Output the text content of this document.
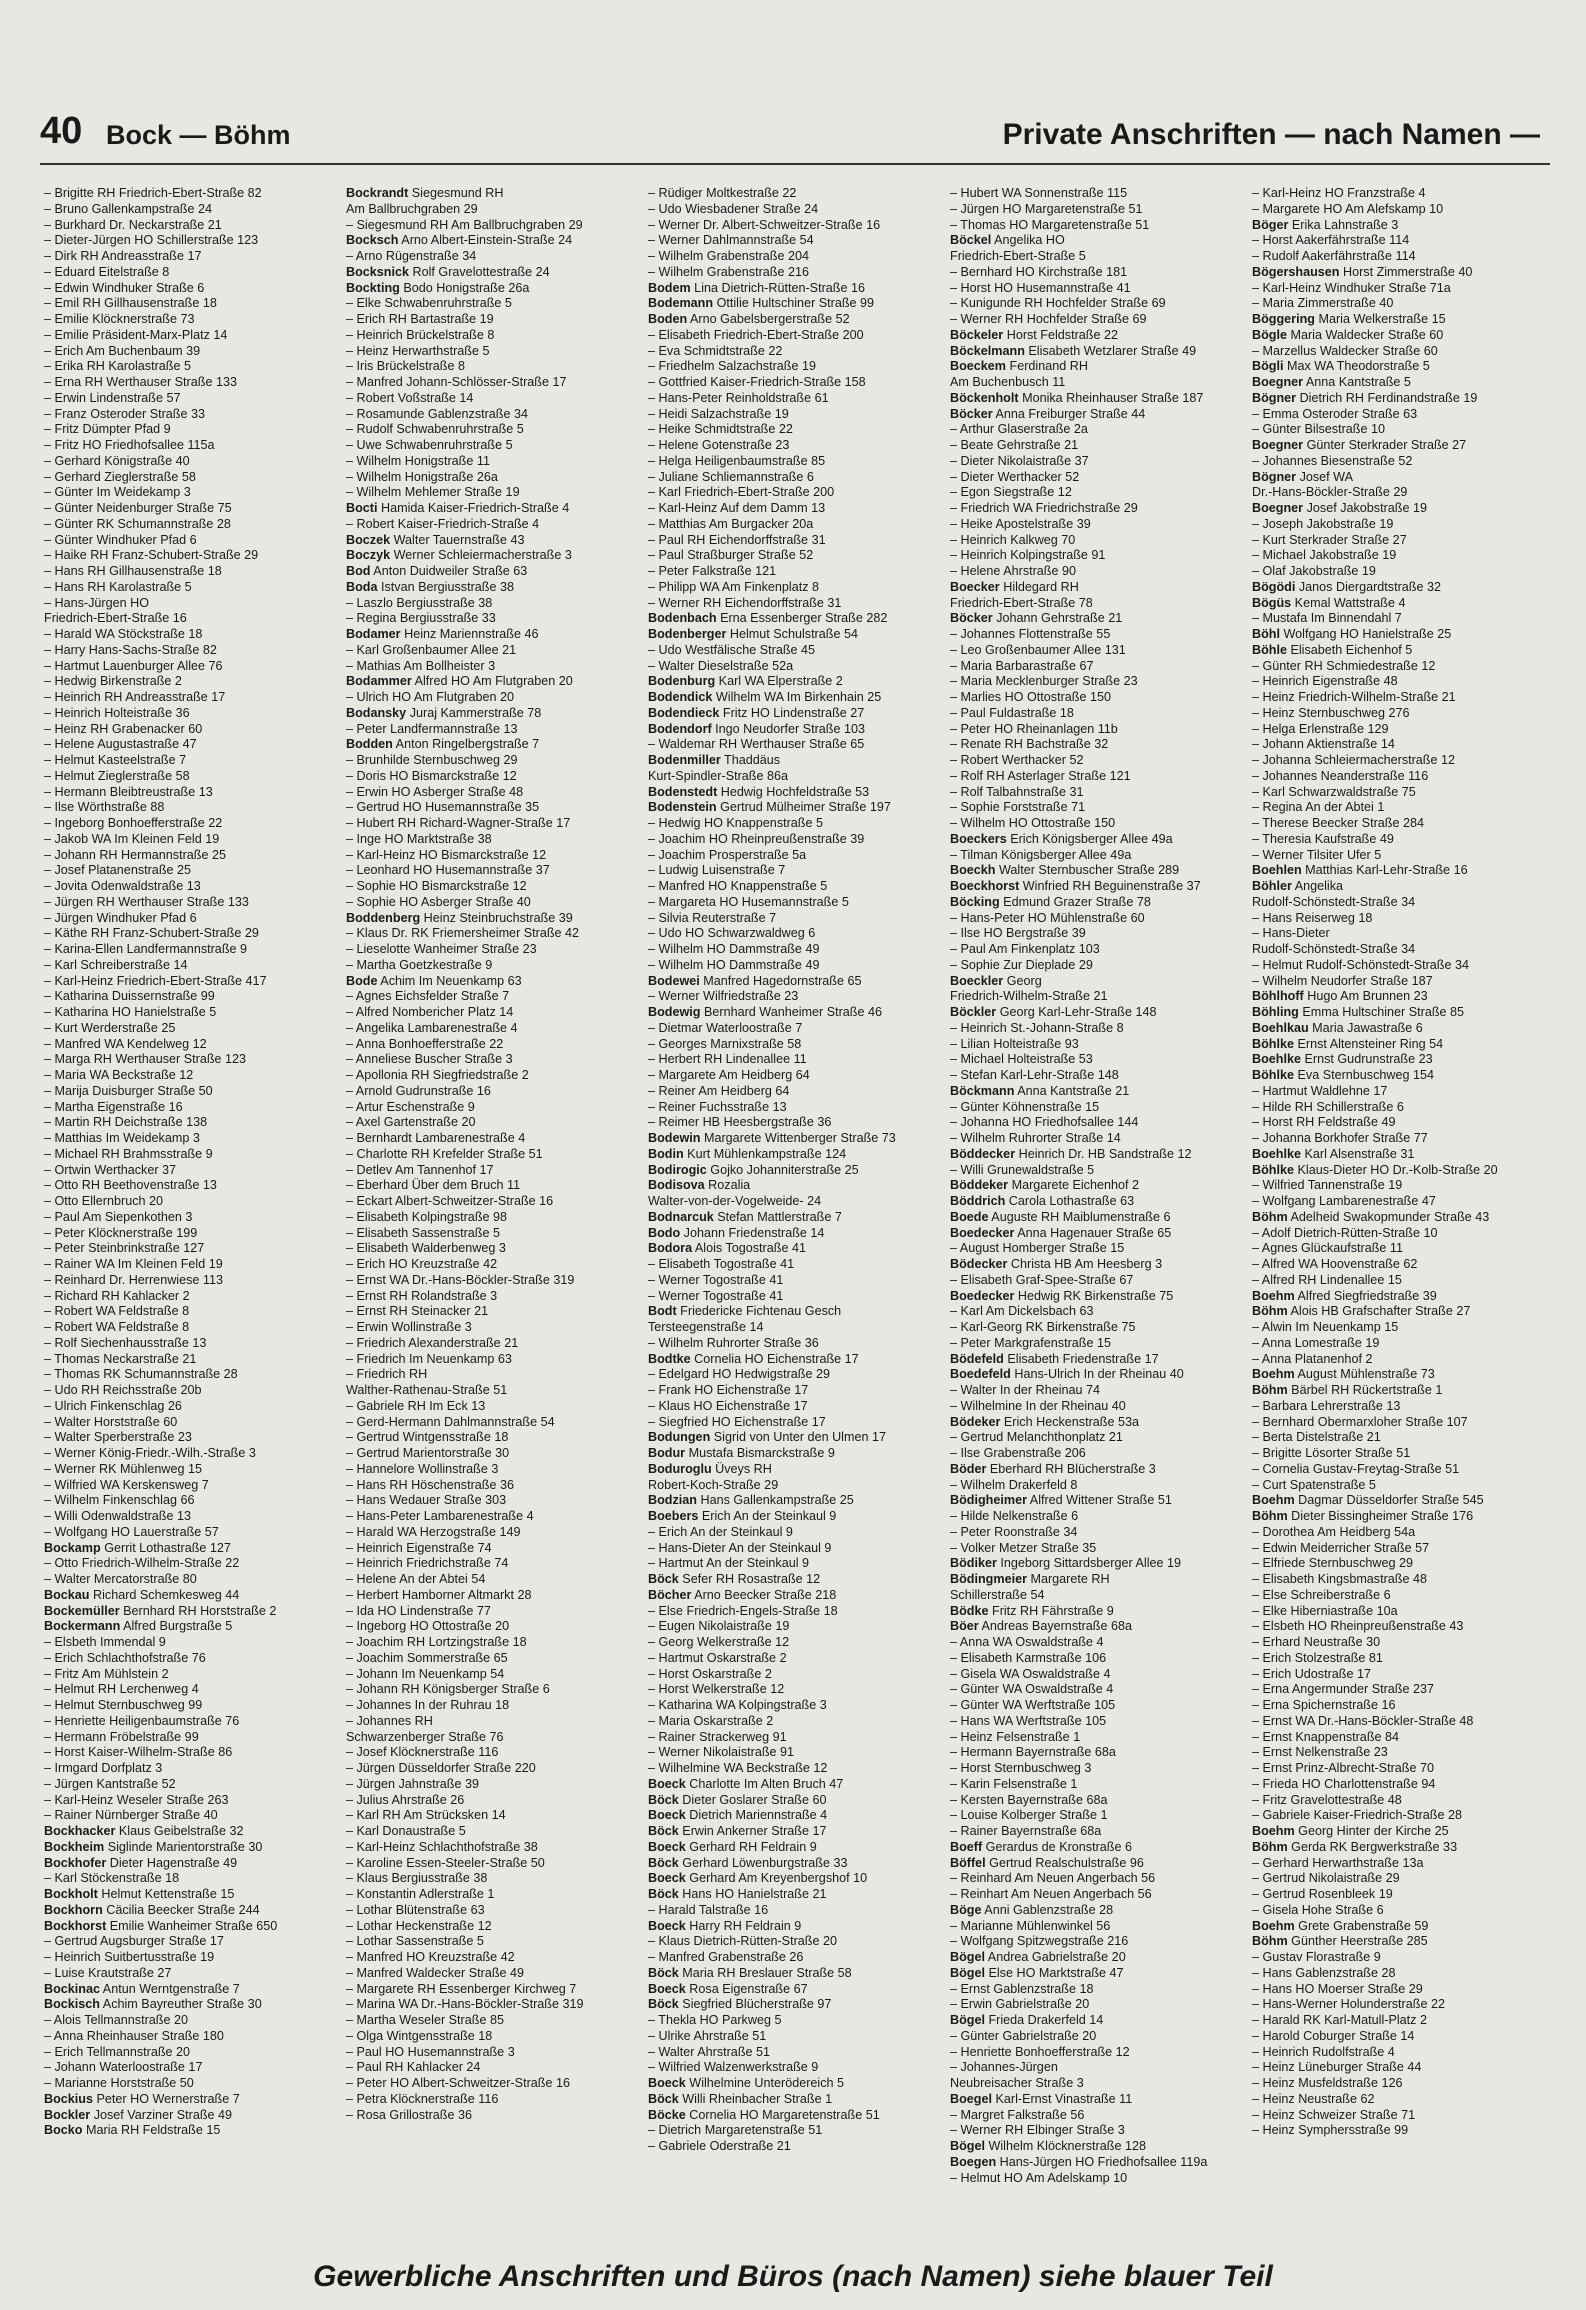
40 Bock — Böhm	Private Anschriften — nach Namen —
– Brigitte RH Friedrich-Ebert-Straße 82
– Bruno Gallenkampstraße 24
– Burkhard Dr. Neckarstraße 21
– Dieter-Jürgen HO Schillerstraße 123
– Dirk RH Andreasstraße 17
– Eduard Eitelstraße 8
– Edwin Windhuker Straße 6
– Emil RH Gillhausenstraße 18
– Emilie Klöcknerstraße 73
– Emilie Präsident-Marx-Platz 14
– Erich Am Buchenbaum 39
– Erika RH Karolastraße 5
– Erna RH Werthauser Straße 133
– Erwin Lindenstraße 57
– Franz Osteroder Straße 33
– Fritz Dümpter Pfad 9
– Fritz HO Friedhofsallee 115a
– Gerhard Königstraße 40
– Gerhard Zieglerstraße 58
– Günter Im Weidekamp 3
– Günter Neidenburger Straße 75
– Günter RK Schumannstraße 28
– Günter Windhuker Pfad 6
– Haike RH Franz-Schubert-Straße 29
– Hans RH Gillhausenstraße 18
– Hans RH Karolastraße 5
– Hans-Jürgen HO
Friedrich-Ebert-Straße 16
– Harald WA Stöckstraße 18
– Harry Hans-Sachs-Straße 82
– Hartmut Lauenburger Allee 76
– Hedwig Birkenstraße 2
– Heinrich RH Andreasstraße 17
– Heinrich Holteistraße 36
– Heinz RH Grabenacker 60
– Helene Augustastraße 47
– Helmut Kasteelstraße 7
– Helmut Zieglerstraße 58
– Hermann Bleibtreustraße 13
– Ilse Wörthstraße 88
– Ingeborg Bonhoefferstraße 22
– Jakob WA Im Kleinen Feld 19
– Johann RH Hermannstraße 25
– Josef Platanenstraße 25
– Jovita Odenwaldstraße 13
– Jürgen RH Werthauser Straße 133
– Jürgen Windhuker Pfad 6
– Käthe RH Franz-Schubert-Straße 29
– Karina-Ellen Landfermannstraße 9
– Karl Schreiberstraße 14
– Karl-Heinz Friedrich-Ebert-Straße 417
– Katharina Duissernstraße 99
– Katharina HO Hanielstraße 5
– Kurt Werderstraße 25
– Manfred WA Kendelweg 12
– Marga RH Werthauser Straße 123
– Maria WA Beckstraße 12
– Marija Duisburger Straße 50
– Martha Eigenstraße 16
– Martin RH Deichstraße 138
– Matthias Im Weidekamp 3
– Michael RH Brahmsstraße 9
– Ortwin Werthacker 37
– Otto RH Beethovenstraße 13
– Otto Ellernbruch 20
– Paul Am Siepenkothen 3
– Peter Klöcknerstraße 199
– Peter Steinbrinkstraße 127
– Rainer WA Im Kleinen Feld 19
– Reinhard Dr. Herrenwiese 113
– Richard RH Kahlacker 2
– Robert WA Feldstraße 8
– Robert WA Feldstraße 8
– Rolf Siechenhausstraße 13
– Thomas Neckarstraße 21
– Thomas RK Schumannstraße 28
– Udo RH Reichsstraße 20b
– Ulrich Finkenschlag 26
– Walter Horststraße 60
– Walter Sperberstraße 23
– Werner König-Friedr.-Wilh.-Straße 3
– Werner RK Mühlenweg 15
– Wilfried WA Kerskensweg 7
– Wilhelm Finkenschlag 66
– Willi Odenwaldstraße 13
– Wolfgang HO Lauerstraße 57
Bockamp Gerrit Lothastraße 127
– Otto Friedrich-Wilhelm-Straße 22
– Walter Mercatorstraße 80
Bockau Richard Schemkesweg 44
Bockemüller Bernhard RH Horststraße 2
Bockermann Alfred Burgstraße 5
– Elsbeth Immendal 9
– Erich Schlachthofstraße 76
– Fritz Am Mühlstein 2
– Helmut RH Lerchenweg 4
– Helmut Sternbuschweg 99
– Henriette Heiligenbaumstraße 76
– Hermann Fröbelstraße 99
– Horst Kaiser-Wilhelm-Straße 86
– Irmgard Dorfplatz 3
– Jürgen Kantstraße 52
– Karl-Heinz Weseler Straße 263
– Rainer Nürnberger Straße 40
Bockhacker Klaus Geibelstraße 32
Bockheim Siglinde Marientorstraße 30
Bockhofer Dieter Hagenstraße 49
– Karl Stöckenstraße 18
Bockholt Helmut Kettenstraße 15
Bockhorn Cäcilia Beecker Straße 244
Bockhorst Emilie Wanheimer Straße 650
– Gertrud Augsburger Straße 17
– Heinrich Suitbertusstraße 19
– Luise Krautstraße 27
Bockinac Antun Werntgenstraße 7
Bockisch Achim Bayreuther Straße 30
– Alois Tellmannstraße 20
– Anna Rheinhauser Straße 180
– Erich Tellmannstraße 20
– Johann Waterloostraße 17
– Marianne Horststraße 50
Bockius Peter HO Wernerstraße 7
Bockler Josef Varziner Straße 49
Bocko Maria RH Feldstraße 15
Bockrandt Siegesmund RH
Am Ballbruchgraben 29
– Siegesmund RH Am Ballbruchgraben 29
Bocksch Arno Albert-Einstein-Straße 24
– Arno Rügenstraße 34
Bocksnick Rolf Gravelottestraße 24
Bockting Bodo Honigstraße 26a
– Elke Schwabenruhrstraße 5
– Erich RH Bartastraße 19
– Heinrich Brückelstraße 8
– Heinz Herwarthstraße 5
– Iris Brückelstraße 8
– Manfred Johann-Schlösser-Straße 17
– Robert Voßstraße 14
– Rosamunde Gablenzstraße 34
– Rudolf Schwabenruhrstraße 5
– Uwe Schwabenruhrstraße 5
– Wilhelm Honigstraße 11
– Wilhelm Honigstraße 26a
– Wilhelm Mehlemer Straße 19
Bocti Hamida Kaiser-Friedrich-Straße 4
– Robert Kaiser-Friedrich-Straße 4
Boczek Walter Tauernstraße 43
Boczyk Werner Schleiermacherstraße 3
Bod Anton Duidweiler Straße 63
Boda Istvan Bergiusstraße 38
– Laszlo Bergiusstraße 38
– Regina Bergiusstraße 33
Bodamer Heinz Mariennstraße 46
– Karl Großenbaumer Allee 21
– Mathias Am Bollheister 3
Bodammer Alfred HO Am Flutgraben 20
– Ulrich HO Am Flutgraben 20
Bodansky Juraj Kammerstraße 78
– Peter Landfermannstraße 13
Bodden Anton Ringelbergstraße 7
– Brunhilde Sternbuschweg 29
– Doris HO Bismarckstraße 12
– Erwin HO Asberger Straße 48
– Gertrud HO Husemannstraße 35
– Hubert RH Richard-Wagner-Straße 17
– Inge HO Marktstraße 38
– Karl-Heinz HO Bismarckstraße 12
– Leonhard HO Husemannstraße 37
– Sophie HO Bismarckstraße 12
– Sophie HO Asberger Straße 40
Boddenberg Heinz Steinbruchstraße 39
– Klaus Dr. RK Friemersheimer Straße 42
– Lieselotte Wanheimer Straße 23
– Martha Goetzkestraße 9
Bode Achim Im Neuenkamp 63
– Agnes Eichsfelder Straße 7
– Alfred Nombericher Platz 14
– Angelika Lambarenestraße 4
– Anna Bonhoefferstraße 22
– Anneliese Buscher Straße 3
– Apollonia RH Siegfriedstraße 2
– Arnold Gudrunstraße 16
– Artur Eschenstraße 9
– Axel Gartenstraße 20
– Bernhardt Lambarenestraße 4
– Charlotte RH Krefelder Straße 51
– Detlev Am Tannenhof 17
– Eberhard Über dem Bruch 11
– Eckart Albert-Schweitzer-Straße 16
– Elisabeth Kolpingstraße 98
– Elisabeth Sassenstraße 5
– Elisabeth Walderbenweg 3
– Erich HO Kreuzstraße 42
– Ernst WA Dr.-Hans-Böckler-Straße 319
– Ernst RH Rolandstraße 3
– Ernst RH Steinacker 21
– Erwin Wollinstraße 3
– Friedrich Alexanderstraße 21
– Friedrich Im Neuenkamp 63
– Friedrich RH
Walther-Rathenau-Straße 51
– Gabriele RH Im Eck 13
– Gerd-Hermann Dahlmannstraße 54
– Gertrud Wintgensstraße 18
– Gertrud Marientorstraße 30
– Hannelore Wollinstraße 3
– Hans RH Höschenstraße 36
– Hans Wedauer Straße 303
– Hans-Peter Lambarenestraße 4
– Harald WA Herzogstraße 149
– Heinrich Eigenstraße 74
– Heinrich Friedrichstraße 74
– Helene An der Abtei 54
– Herbert Hamborner Altmarkt 28
– Ida HO Lindenstraße 77
– Ingeborg HO Ottostraße 20
– Joachim RH Lortzingstraße 18
– Joachim Sommerstraße 65
– Johann Im Neuenkamp 54
– Johann RH Königsberger Straße 6
– Johannes In der Ruhrau 18
– Johannes RH
Schwarzenberger Straße 76
– Josef Klöcknerstraße 116
– Jürgen Düsseldorfer Straße 220
– Jürgen Jahnstraße 39
– Julius Ahrstraße 26
– Karl RH Am Strücksken 14
– Karl Donaustraße 5
– Karl-Heinz Schlachthofstraße 38
– Karoline Essen-Steeler-Straße 50
– Klaus Bergiusstraße 38
– Konstantin Adlerstraße 1
– Lothar Blütenstraße 63
– Lothar Heckenstraße 12
– Lothar Sassenstraße 5
– Manfred HO Kreuzstraße 42
– Manfred Waldecker Straße 49
– Margarete RH Essenberger Kirchweg 7
– Marina WA Dr.-Hans-Böckler-Straße 319
– Martha Weseler Straße 85
– Olga Wintgensstraße 18
– Paul HO Husemannstraße 3
– Paul RH Kahlacker 24
– Peter HO Albert-Schweitzer-Straße 16
– Petra Klöcknerstraße 116
– Rosa Grillostraße 36
– Rüdiger Moltkestraße 22
– Udo Wiesbadener Straße 24
– Werner Dr. Albert-Schweitzer-Straße 16
– Werner Dahlmannstraße 54
– Wilhelm Grabenstraße 204
– Wilhelm Grabenstraße 216
Bodem Lina Dietrich-Rütten-Straße 16
Bodemann Ottilie Hultschiner Straße 99
Boden Arno Gabelsbergerstraße 52
– Elisabeth Friedrich-Ebert-Straße 200
– Eva Schmidtstraße 22
– Friedhelm Salzachstraße 19
– Gottfried Kaiser-Friedrich-Straße 158
– Hans-Peter Reinholdstraße 61
– Heidi Salzachstraße 19
– Heike Schmidtstraße 22
– Helene Gotenstraße 23
– Helga Heiligenbaumstraße 85
– Juliane Schliemannstraße 6
– Karl Friedrich-Ebert-Straße 200
– Karl-Heinz Auf dem Damm 13
– Matthias Am Burgacker 20a
– Paul RH Eichendorffstraße 31
– Paul Straßburger Straße 52
– Peter Falkstraße 121
– Philipp WA Am Finkenplatz 8
– Werner RH Eichendorffstraße 31
Bodenbach Erna Essenberger Straße 282
Bodenberger Helmut Schulstraße 54
– Udo Westfälische Straße 45
– Walter Dieselstraße 52a
Bodenburg Karl WA Elperstraße 2
Bodendick Wilhelm WA Im Birkenhain 25
Bodendieck Fritz HO Lindenstraße 27
Bodendorf Ingo Neudorfer Straße 103
– Waldemar RH Werthauser Straße 65
Bodenmiller Thaddäus
Kurt-Spindler-Straße 86a
Bodenstedt Hedwig Hochfeldstraße 53
Bodenstein Gertrud Mülheimer Straße 197
– Hedwig HO Knappenstraße 5
– Joachim HO Rheinpreußenstraße 39
– Joachim Prosperstraße 5a
– Ludwig Luisenstraße 7
– Manfred HO Knappenstraße 5
– Margareta HO Husemannstraße 5
– Silvia Reuterstraße 7
– Udo HO Schwarzwaldweg 6
– Wilhelm HO Dammstraße 49
– Wilhelm HO Dammstraße 49
Bodewei Manfred Hagedornstraße 65
– Werner Wilfriedstraße 23
Bodewig Bernhard Wanheimer Straße 46
– Dietmar Waterloostraße 7
– Georges Marnixstraße 58
– Herbert RH Lindenallee 11
– Margarete Am Heidberg 64
– Reiner Am Heidberg 64
– Reiner Fuchsstraße 13
– Reimer HB Heesbergstraße 36
Bodewin Margarete Wittenberger Straße 73
Bodin Kurt Mühlenkampstraße 124
Bodirogic Gojko Johanniterstraße 25
Bodisova Rozalia
Walter-von-der-Vogelweide- 24
Bodnarcuk Stefan Mattlerstraße 7
Bodo Johann Friedenstraße 14
Bodora Alois Togostraße 41
– Elisabeth Togostraße 41
– Werner Togostraße 41
– Werner Togostraße 41
Bodt Friedericke Fichtenau Gesch
Tersteegenstraße 14
– Wilhelm Ruhrorter Straße 36
Bodtke Cornelia HO Eichenstraße 17
– Edelgard HO Hedwigstraße 29
– Frank HO Eichenstraße 17
– Klaus HO Eichenstraße 17
– Siegfried HO Eichenstraße 17
Bodungen Sigrid von Unter den Ulmen 17
Bodur Mustafa Bismarckstraße 9
Boduroglu Üveys RH
Robert-Koch-Straße 29
Bodzian Hans Gallenkampstraße 25
Boebers Erich An der Steinkaul 9
– Erich An der Steinkaul 9
– Hans-Dieter An der Steinkaul 9
– Hartmut An der Steinkaul 9
Böck Sefer RH Rosastraße 12
Böcher Arno Beecker Straße 218
– Else Friedrich-Engels-Straße 18
– Eugen Nikolaistraße 19
– Georg Welkerstraße 12
– Hartmut Oskarstraße 2
– Horst Oskarstraße 2
– Horst Welkerstraße 12
– Katharina WA Kolpingstraße 3
– Maria Oskarstraße 2
– Rainer Strackerweg 91
– Werner Nikolaistraße 91
– Wilhelmine WA Beckstraße 12
Boeck Charlotte Im Alten Bruch 47
Böck Dieter Goslarer Straße 60
Boeck Dietrich Mariennstraße 4
Böck Erwin Ankerner Straße 17
Boeck Gerhard RH Feldrain 9
Böck Gerhard Löwenburgstraße 33
Boeck Gerhard Am Kreyenbergshof 10
Böck Hans HO Hanielstraße 21
– Harald Talstraße 16
Boeck Harry RH Feldrain 9
– Klaus Dietrich-Rütten-Straße 20
– Manfred Grabenstraße 26
Böck Maria RH Breslauer Straße 58
Boeck Rosa Eigenstraße 67
Böck Siegfried Blücherstraße 97
– Thekla HO Parkweg 5
– Ulrike Ahrstraße 51
– Walter Ahrstraße 51
– Wilfried Walzenwerkstraße 9
Boeck Wilhelmine Unterödereich 5
Böck Willi Rheinbacher Straße 1
Böcke Cornelia HO Margaretenstraße 51
– Dietrich Margaretenstraße 51
– Gabriele Oderstraße 21
– Hubert WA Sonnenstraße 115
– Jürgen HO Margaretenstraße 51
– Thomas HO Margaretenstraße 51
Böckel Angelika HO
Friedrich-Ebert-Straße 5
– Bernhard HO Kirchstraße 181
– Horst HO Husemannstraße 41
– Kunigunde RH Hochfelder Straße 69
– Werner RH Hochfelder Straße 69
Böckeler Horst Feldstraße 22
Böckelmann Elisabeth Wetzlarer Straße 49
Boeckem Ferdinand RH
Am Buchenbusch 11
Böckenholt Monika Rheinhauser Straße 187
Böcker Anna Freiburger Straße 44
– Arthur Glaserstraße 2a
– Beate Gehrstraße 21
– Dieter Nikolaistraße 37
– Dieter Werthacker 52
– Egon Siegstraße 12
– Friedrich WA Friedrichstraße 29
– Heike Apostelstraße 39
– Heinrich Kalkweg 70
– Heinrich Kolpingstraße 91
– Helene Ahrstraße 90
Boecker Hildegard RH
Friedrich-Ebert-Straße 78
Böcker Johann Gehrstraße 21
– Johannes Flottenstraße 55
– Leo Großenbaumer Allee 131
– Maria Barbarastraße 67
– Maria Mecklenburger Straße 23
– Marlies HO Ottostraße 150
– Paul Fuldastraße 18
– Peter HO Rheinanlagen 11b
– Renate RH Bachstraße 32
– Robert Werthacker 52
– Rolf RH Asterlager Straße 121
– Rolf Talbahnstraße 31
– Sophie Forststraße 71
– Wilhelm HO Ottostraße 150
Boeckers Erich Königsberger Allee 49a
– Tilman Königsberger Allee 49a
Boeckh Walter Sternbuscher Straße 289
Boeckhorst Winfried RH Beguinenstraße 37
Böcking Edmund Grazer Straße 78
– Hans-Peter HO Mühlenstraße 60
– Ilse HO Bergstraße 39
– Paul Am Finkenplatz 103
– Sophie Zur Dieplade 29
Boeckler Georg
Friedrich-Wilhelm-Straße 21
Böckler Georg Karl-Lehr-Straße 148
– Heinrich St.-Johann-Straße 8
– Lilian Holteistraße 93
– Michael Holteistraße 53
– Stefan Karl-Lehr-Straße 148
Böckmann Anna Kantstraße 21
– Günter Köhnenstraße 15
– Johanna HO Friedhofsallee 144
– Wilhelm Ruhrorter Straße 14
Böddecker Heinrich Dr. HB Sandstraße 12
– Willi Grunewaldstraße 5
Böddeker Margarete Eichenhof 2
Böddrich Carola Lothastraße 63
Boede Auguste RH Maiblumenstraße 6
Boedecker Anna Hagenauer Straße 65
– August Homberger Straße 15
Bödecker Christa HB Am Heesberg 3
– Elisabeth Graf-Spee-Straße 67
Boedecker Hedwig RK Birkenstraße 75
– Karl Am Dickelsbach 63
– Karl-Georg RK Birkenstraße 75
– Peter Markgrafenstraße 15
Bödefeld Elisabeth Friedenstraße 17
Boedefeld Hans-Ulrich In der Rheinau 40
– Walter In der Rheinau 74
– Wilhelmine In der Rheinau 40
Bödeker Erich Heckenstraße 53a
– Gertrud Melanchthonplatz 21
– Ilse Grabenstraße 206
Böder Eberhard RH Blücherstraße 3
– Wilhelm Drakerfeld 8
Bödigheimer Alfred Wittener Straße 51
– Hilde Nelkenstraße 6
– Peter Roonstraße 34
– Volker Metzer Straße 35
Bödiker Ingeborg Sittardsberger Allee 19
Bödingmeier Margarete RH
Schillerstraße 54
Bödke Fritz RH Fährstraße 9
Böer Andreas Bayernstraße 68a
– Anna WA Oswaldstraße 4
– Elisabeth Karmstraße 106
– Gisela WA Oswaldstraße 4
– Günter WA Oswaldstraße 4
– Günter WA Werftstraße 105
– Hans WA Werftstraße 105
– Heinz Felsenstraße 1
– Hermann Bayernstraße 68a
– Horst Sternbuschweg 3
– Karin Felsenstraße 1
– Kersten Bayernstraße 68a
– Louise Kolberger Straße 1
– Rainer Bayernstraße 68a
Boeff Gerardus de Kronstraße 6
Böffel Gertrud Realschulstraße 96
– Reinhard Am Neuen Angerbach 56
– Reinhart Am Neuen Angerbach 56
Böge Anni Gablenzstraße 28
– Marianne Mühlenwinkel 56
– Wolfgang Spitzwegstraße 216
Bögel Andrea Gabrielstraße 20
Bögel Else HO Marktstraße 47
– Ernst Gablenzstraße 18
– Erwin Gabrielstraße 20
Bögel Frieda Drakerfeld 14
– Günter Gabrielstraße 20
– Henriette Bonhoefferstraße 12
– Johannes-Jürgen
Neubreisacher Straße 3
Boegel Karl-Ernst Vinastraße 11
– Margret Falkstraße 56
– Werner RH Elbinger Straße 3
Bögel Wilhelm Klöcknerstraße 128
Boegen Hans-Jürgen HO Friedhofsallee 119a
– Helmut HO Am Adelskamp 10
– Karl-Heinz HO Franzstraße 4
– Margarete HO Am Alefskamp 10
Böger Erika Lahnstraße 3
– Horst Aakerfährstraße 114
– Rudolf Aakerfährstraße 114
Bögershausen Horst Zimmerstraße 40
– Karl-Heinz Windhuker Straße 71a
– Maria Zimmerstraße 40
Böggering Maria Welkerstraße 15
Bögle Maria Waldecker Straße 60
– Marzellus Waldecker Straße 60
Bögli Max WA Theodorstraße 5
Boegner Anna Kantstraße 5
Bögner Dietrich RH Ferdinandstraße 19
– Emma Osteroder Straße 63
– Günter Bilsestraße 10
Boegner Günter Sterkrader Straße 27
– Johannes Biesenstraße 52
Bögner Josef WA
Dr.-Hans-Böckler-Straße 29
Boegner Josef Jakobstraße 19
– Joseph Jakobstraße 19
– Kurt Sterkrader Straße 27
– Michael Jakobstraße 19
– Olaf Jakobstraße 19
Bögödi Janos Diergardtstraße 32
Bögüs Kemal Wattstraße 4
– Mustafa Im Binnendahl 7
Böhl Wolfgang HO Hanielstraße 25
Böhle Elisabeth Eichenhof 5
– Günter RH Schmiedestraße 12
– Heinrich Eigenstraße 48
– Heinz Friedrich-Wilhelm-Straße 21
– Heinz Sternbuschweg 276
– Helga Erlenstraße 129
– Johann Aktienstraße 14
– Johanna Schleiermacherstraße 12
– Johannes Neanderstraße 116
– Karl Schwarzwaldstraße 75
– Regina An der Abtei 1
– Therese Beecker Straße 284
– Theresia Kaufstraße 49
– Werner Tilsiter Ufer 5
Boehlen Matthias Karl-Lehr-Straße 16
Böhler Angelika
Rudolf-Schönstedt-Straße 34
– Hans Reiserweg 18
– Hans-Dieter
Rudolf-Schönstedt-Straße 34
– Helmut Rudolf-Schönstedt-Straße 34
– Wilhelm Neudorfer Straße 187
Böhlhoff Hugo Am Brunnen 23
Böhling Emma Hultschiner Straße 85
Boehlkau Maria Jawastraße 6
Böhlke Ernst Altensteiner Ring 54
Boehlke Ernst Gudrunstraße 23
Böhlke Eva Sternbuschweg 154
– Hartmut Waldlehne 17
– Hilde RH Schillerstraße 6
– Horst RH Feldstraße 49
– Johanna Borkhofer Straße 77
Boehlke Karl Alsenstraße 31
Böhlke Klaus-Dieter HO Dr.-Kolb-Straße 20
– Wilfried Tannenstraße 19
– Wolfgang Lambarenestraße 47
Böhm Adelheid Swakopmunder Straße 43
– Adolf Dietrich-Rütten-Straße 10
– Agnes Glückaufstraße 11
– Alfred WA Hoovenstraße 62
– Alfred RH Lindenallee 15
Boehm Alfred Siegfriedstraße 39
Böhm Alois HB Grafschafter Straße 27
– Alwin Im Neuenkamp 15
– Anna Lomestraße 19
– Anna Platanenhof 2
Boehm August Mühlenstraße 73
Böhm Bärbel RH Rückertstraße 1
– Barbara Lehrerstraße 13
– Bernhard Obermarxloher Straße 107
– Berta Distelstraße 21
– Brigitte Lösorter Straße 51
– Cornelia Gustav-Freytag-Straße 51
– Curt Spatenstraße 5
Boehm Dagmar Düsseldorfer Straße 545
Böhm Dieter Bissingheimer Straße 176
– Dorothea Am Heidberg 54a
– Edwin Meiderricher Straße 57
– Elfriede Sternbuschweg 29
– Elisabeth Kingsbmastraße 48
– Else Schreiberstraße 6
– Elke Hiberniastraße 10a
– Elsbeth HO Rheinpreußenstraße 43
– Erhard Neustraße 30
– Erich Stolzestraße 81
– Erich Udostraße 17
– Erna Angermunder Straße 237
– Erna Spichernstraße 16
– Ernst WA Dr.-Hans-Böckler-Straße 48
– Ernst Knappenstraße 84
– Ernst Nelkenstraße 23
– Ernst Prinz-Albrecht-Straße 70
– Frieda HO Charlottenstraße 94
– Fritz Gravelottestraße 48
– Gabriele Kaiser-Friedrich-Straße 28
Boehm Georg Hinter der Kirche 25
Böhm Gerda RK Bergwerkstraße 33
– Gerhard Herwarthstraße 13a
– Gertrud Nikolaistraße 29
– Gertrud Rosenbleek 19
– Gisela Hohe Straße 6
Boehm Grete Grabenstraße 59
Böhm Günther Heerstraße 285
– Gustav Florastraße 9
– Hans Gablenzstraße 28
– Hans HO Moerser Straße 29
– Hans-Werner Holunderstraße 22
– Harald RK Karl-Matull-Platz 2
– Harold Coburger Straße 14
– Heinrich Rudolfstraße 4
– Heinz Lüneburger Straße 44
– Heinz Musfeldstraße 126
– Heinz Neustraße 62
– Heinz Schweizer Straße 71
– Heinz Symphersstraße 99
Gewerbliche Anschriften und Büros (nach Namen) siehe blauer Teil
